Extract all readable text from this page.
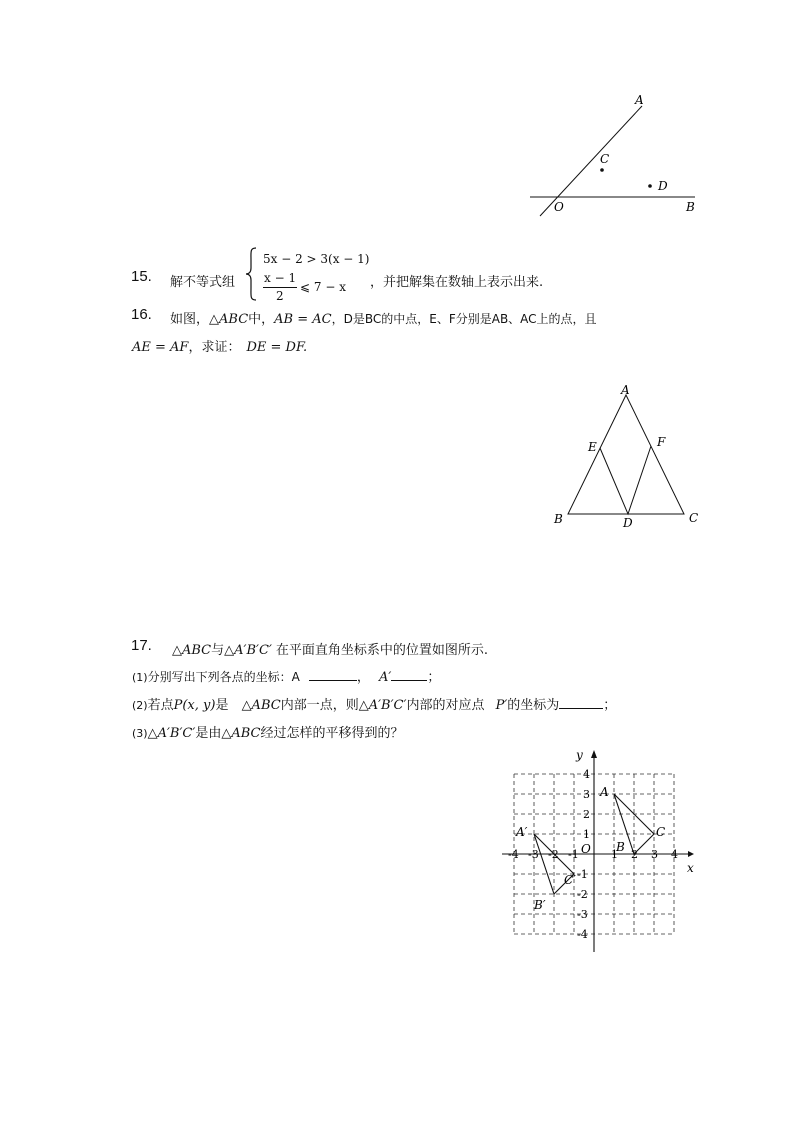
A
C
D
O	B
15. 解不等式组
5x − 2 > 3(x − 1)
x − 1
2
⩽ 7 − x ，并把解集在数轴上表示出来.
16. 如图，△ABC中，AB = AC，D是BC的中点，E、F分别是AB、AC上的点，且
AE = AF，求证： DE = DF.
A
E	F
B	D	C
17. △ABC与△A′B′C′ 在平面直角坐标系中的位置如图所示.
(1)分别写出下列各点的坐标：A	， A′	；
(2)若点P(x, y)是 △ABC内部一点，则△A′B′C′内部的对应点 P′的坐标为	；
(3)△A′B′C′是由△ABC经过怎样的平移得到的？
x
y
O
-4 -3 -2 -1	1 2 3 4
4
3
2
1
-1
-2
-3
-4
A
B
C
A′
B′
C′
